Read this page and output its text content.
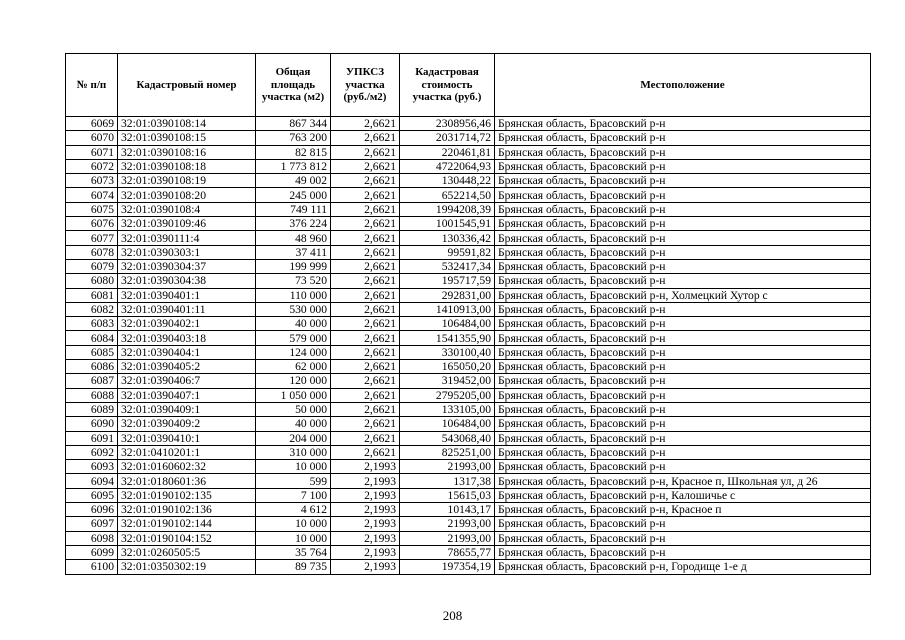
№ п/п	Кадастровый номер	Общая площадь участка (м2)	УПКСЗ участка (руб./м2)	Кадастровая стоимость участка (руб.)	Местоположение
6069	32:01:0390108:14	867 344	2,6621	2308956,46	Брянская область, Брасовский р-н
6070	32:01:0390108:15	763 200	2,6621	2031714,72	Брянская область, Брасовский р-н
6071	32:01:0390108:16	82 815	2,6621	220461,81	Брянская область, Брасовский р-н
6072	32:01:0390108:18	1 773 812	2,6621	4722064,93	Брянская область, Брасовский р-н
6073	32:01:0390108:19	49 002	2,6621	130448,22	Брянская область, Брасовский р-н
6074	32:01:0390108:20	245 000	2,6621	652214,50	Брянская область, Брасовский р-н
6075	32:01:0390108:4	749 111	2,6621	1994208,39	Брянская область, Брасовский р-н
6076	32:01:0390109:46	376 224	2,6621	1001545,91	Брянская область, Брасовский р-н
6077	32:01:0390111:4	48 960	2,6621	130336,42	Брянская область, Брасовский р-н
6078	32:01:0390303:1	37 411	2,6621	99591,82	Брянская область, Брасовский р-н
6079	32:01:0390304:37	199 999	2,6621	532417,34	Брянская область, Брасовский р-н
6080	32:01:0390304:38	73 520	2,6621	195717,59	Брянская область, Брасовский р-н
6081	32:01:0390401:1	110 000	2,6621	292831,00	Брянская область, Брасовский р-н, Холмецкий Хутор с
6082	32:01:0390401:11	530 000	2,6621	1410913,00	Брянская область, Брасовский р-н
6083	32:01:0390402:1	40 000	2,6621	106484,00	Брянская область, Брасовский р-н
6084	32:01:0390403:18	579 000	2,6621	1541355,90	Брянская область, Брасовский р-н
6085	32:01:0390404:1	124 000	2,6621	330100,40	Брянская область, Брасовский р-н
6086	32:01:0390405:2	62 000	2,6621	165050,20	Брянская область, Брасовский р-н
6087	32:01:0390406:7	120 000	2,6621	319452,00	Брянская область, Брасовский р-н
6088	32:01:0390407:1	1 050 000	2,6621	2795205,00	Брянская область, Брасовский р-н
6089	32:01:0390409:1	50 000	2,6621	133105,00	Брянская область, Брасовский р-н
6090	32:01:0390409:2	40 000	2,6621	106484,00	Брянская область, Брасовский р-н
6091	32:01:0390410:1	204 000	2,6621	543068,40	Брянская область, Брасовский р-н
6092	32:01:0410201:1	310 000	2,6621	825251,00	Брянская область, Брасовский р-н
6093	32:01:0160602:32	10 000	2,1993	21993,00	Брянская область, Брасовский р-н
6094	32:01:0180601:36	599	2,1993	1317,38	Брянская область, Брасовский р-н, Красное п, Школьная ул, д 26
6095	32:01:0190102:135	7 100	2,1993	15615,03	Брянская область, Брасовский р-н, Калошичье с
6096	32:01:0190102:136	4 612	2,1993	10143,17	Брянская область, Брасовский р-н, Красное п
6097	32:01:0190102:144	10 000	2,1993	21993,00	Брянская область, Брасовский р-н
6098	32:01:0190104:152	10 000	2,1993	21993,00	Брянская область, Брасовский р-н
6099	32:01:0260505:5	35 764	2,1993	78655,77	Брянская область, Брасовский р-н
6100	32:01:0350302:19	89 735	2,1993	197354,19	Брянская область, Брасовский р-н, Городище 1-е д
208
